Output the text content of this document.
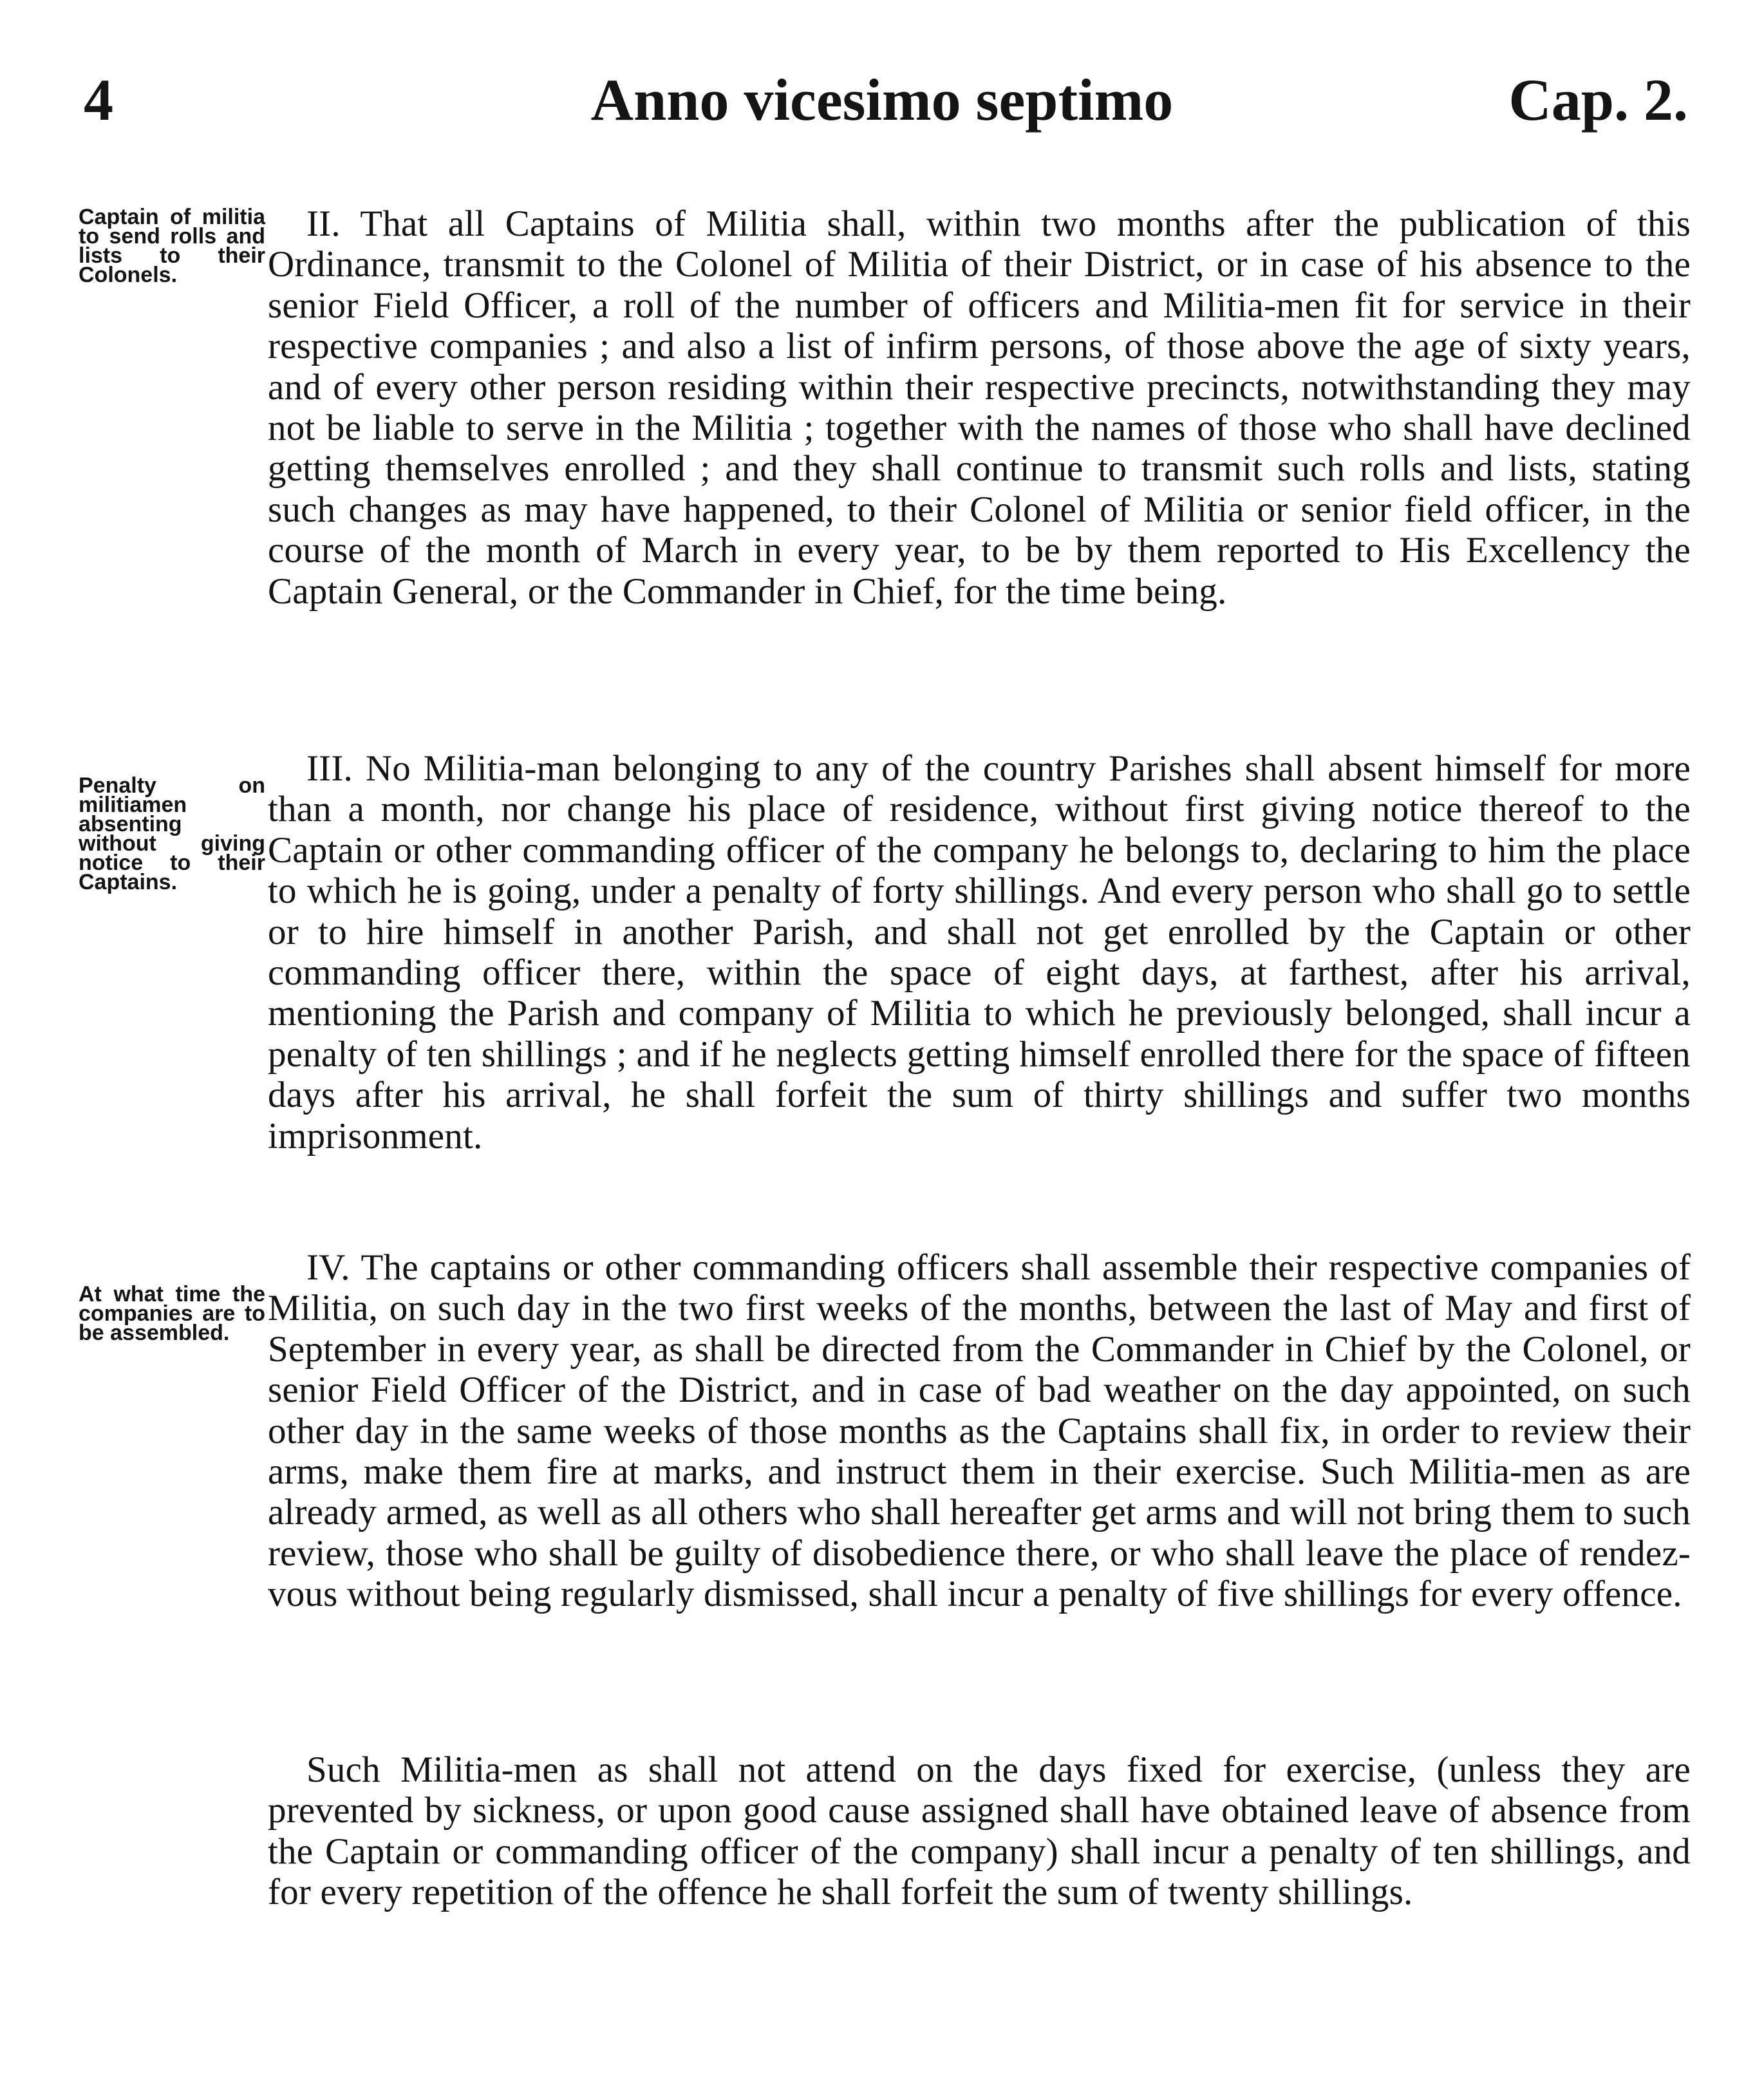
4	Anno vicesimo septimo	Cap. 2.
Captain of militia to send rolls and lists to their Colonels.

II. That all Captains of Militia shall, within two months after the publication of this Ordinance, transmit to the Colonel of Militia of their District, or in case of his absence to the senior Field Officer, a roll of the number of officers and Militia-men fit for service in their respective companies ; and also a list of infirm persons, of those above the age of sixty years, and of every other person residing within their respective precincts, notwithstanding they may not be liable to serve in the Militia ; together with the names of those who shall have declined getting themselves enrolled ; and they shall continue to transmit such rolls and lists, stating such changes as may have happened, to their Colonel of Militia or senior field officer, in the course of the month of March in every year, to be by them reported to His Excellency the Captain General, or the Commander in Chief, for the time being.

Penalty on militiamen absenting without giving notice to their Captains.

III. No Militia-man belonging to any of the country Parishes shall absent himself for more than a month, nor change his place of residence, without first giving notice thereof to the Captain or other commanding officer of the company he belongs to, declaring to him the place to which he is going, under a penalty of forty shillings. And every person who shall go to settle or to hire himself in another Parish, and shall not get enrolled by the Captain or other commanding officer there, within the space of eight days, at farthest, after his arrival, mentioning the Parish and company of Militia to which he previously belonged, shall incur a penalty of ten shillings ; and if he neglects getting himself enrolled there for the space of fifteen days after his arrival, he shall forfeit the sum of thirty shillings and suffer two months imprisonment.

At what time the companies are to be assembled.

IV. The captains or other commanding officers shall assemble their respective companies of Militia, on such day in the two first weeks of the months, between the last of May and first of September in every year, as shall be directed from the Commander in Chief by the Colonel, or senior Field Officer of the District, and in case of bad weather on the day appointed, on such other day in the same weeks of those months as the Captains shall fix, in order to review their arms, make them fire at marks, and instruct them in their exercise. Such Militia-men as are already armed, as well as all others who shall hereafter get arms and will not bring them to such review, those who shall be guilty of disobedience there, or who shall leave the place of rendez-vous without being regularly dismissed, shall incur a penalty of five shillings for every offence.

Such Militia-men as shall not attend on the days fixed for exercise, (unless they are prevented by sickness, or upon good cause assigned shall have obtained leave of absence from the Captain or commanding officer of the company) shall incur a penalty of ten shillings, and for every repetition of the offence he shall forfeit the sum of twenty shillings.
